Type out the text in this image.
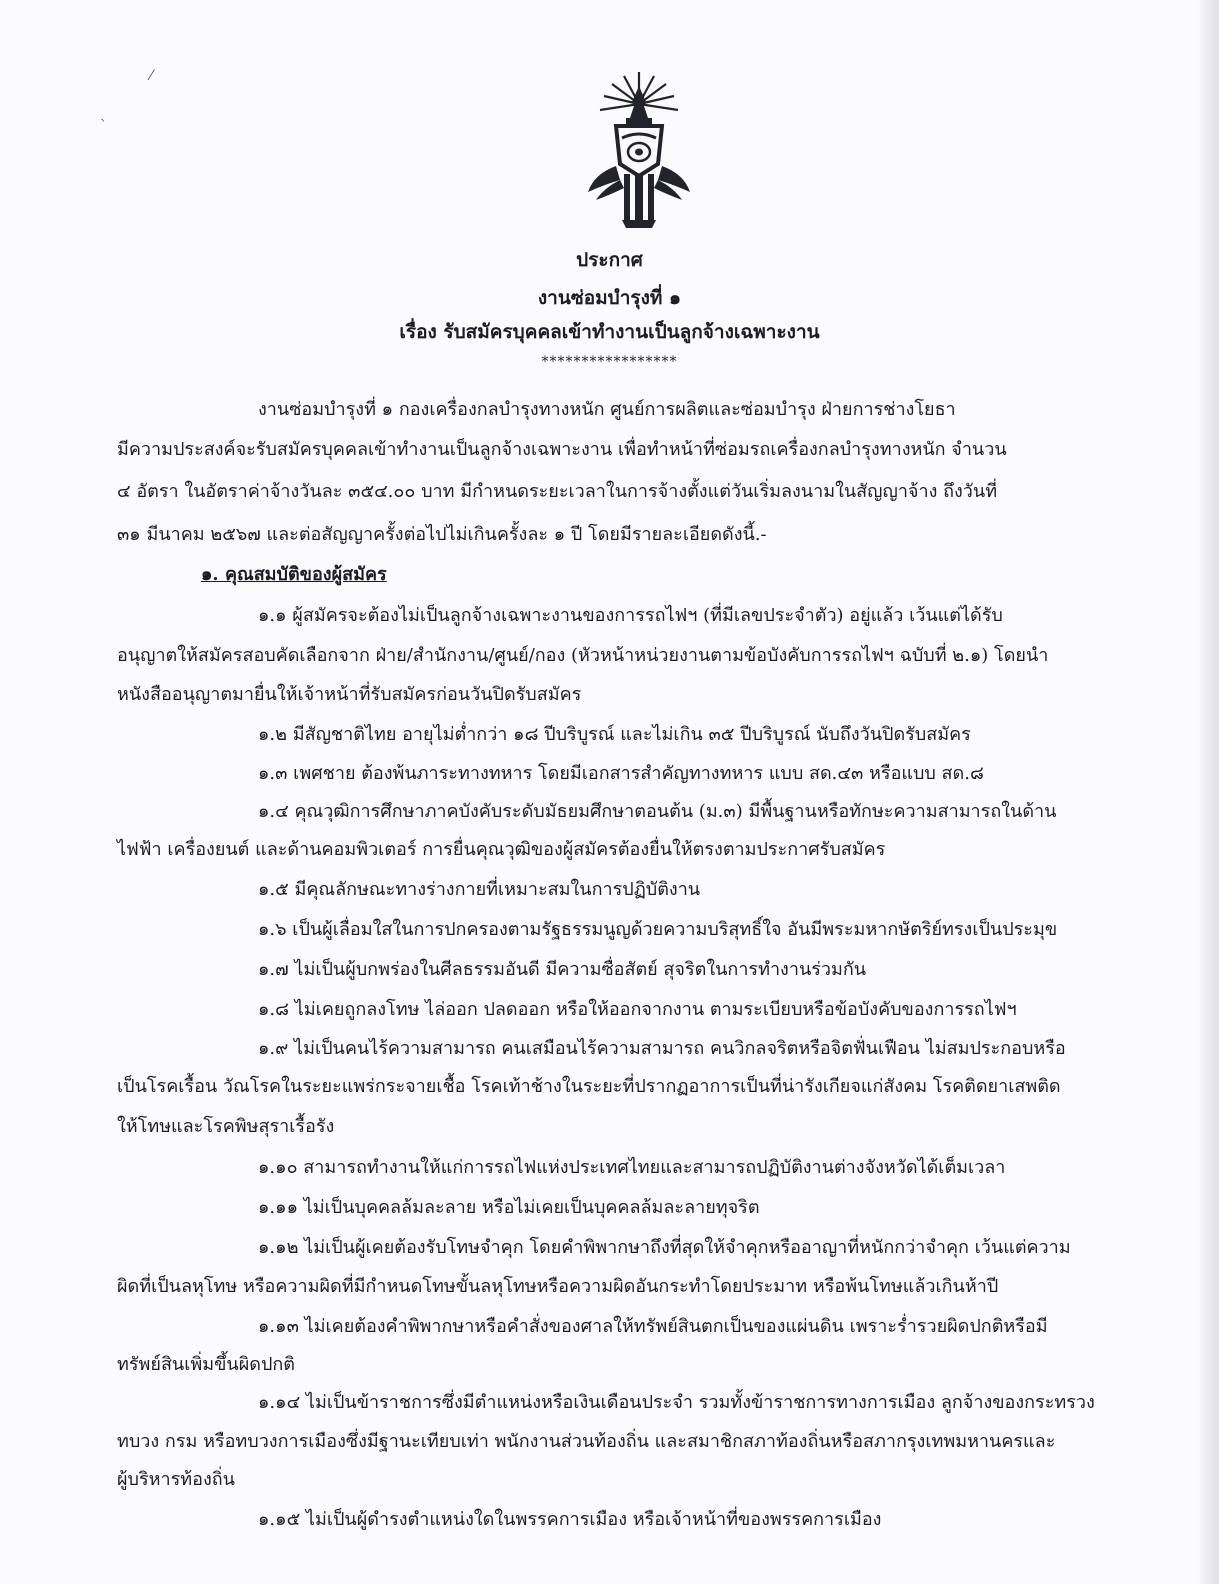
⁄
`
ประกาศ
งานซ่อมบำรุงที่ ๑
เรื่อง รับสมัครบุคคลเข้าทำงานเป็นลูกจ้างเฉพาะงาน
*****************
งานซ่อมบำรุงที่ ๑ กองเครื่องกลบำรุงทางหนัก ศูนย์การผลิตและซ่อมบำรุง ฝ่ายการช่างโยธา
มีความประสงค์จะรับสมัครบุคคลเข้าทำงานเป็นลูกจ้างเฉพาะงาน เพื่อทำหน้าที่ซ่อมรถเครื่องกลบำรุงทางหนัก จำนวน
๔ อัตรา ในอัตราค่าจ้างวันละ ๓๕๔.๐๐ บาท มีกำหนดระยะเวลาในการจ้างตั้งแต่วันเริ่มลงนามในสัญญาจ้าง ถึงวันที่
๓๑ มีนาคม ๒๕๖๗ และต่อสัญญาครั้งต่อไปไม่เกินครั้งละ ๑ ปี โดยมีรายละเอียดดังนี้.-
๑. คุณสมบัติของผู้สมัคร
๑.๑ ผู้สมัครจะต้องไม่เป็นลูกจ้างเฉพาะงานของการรถไฟฯ (ที่มีเลขประจำตัว) อยู่แล้ว เว้นแต่ได้รับ
อนุญาตให้สมัครสอบคัดเลือกจาก ฝ่าย/สำนักงาน/ศูนย์/กอง (หัวหน้าหน่วยงานตามข้อบังคับการรถไฟฯ ฉบับที่ ๒.๑) โดยนำ
หนังสืออนุญาตมายื่นให้เจ้าหน้าที่รับสมัครก่อนวันปิดรับสมัคร
๑.๒ มีสัญชาติไทย อายุไม่ต่ำกว่า ๑๘ ปีบริบูรณ์ และไม่เกิน ๓๕ ปีบริบูรณ์ นับถึงวันปิดรับสมัคร
๑.๓ เพศชาย ต้องพ้นภาระทางทหาร โดยมีเอกสารสำคัญทางทหาร แบบ สด.๔๓ หรือแบบ สด.๘
๑.๔ คุณวุฒิการศึกษาภาคบังคับระดับมัธยมศึกษาตอนต้น (ม.๓) มีพื้นฐานหรือทักษะความสามารถในด้าน
ไฟฟ้า เครื่องยนต์ และด้านคอมพิวเตอร์ การยื่นคุณวุฒิของผู้สมัครต้องยื่นให้ตรงตามประกาศรับสมัคร
๑.๕ มีคุณลักษณะทางร่างกายที่เหมาะสมในการปฏิบัติงาน
๑.๖ เป็นผู้เลื่อมใสในการปกครองตามรัฐธรรมนูญด้วยความบริสุทธิ์ใจ อันมีพระมหากษัตริย์ทรงเป็นประมุข
๑.๗ ไม่เป็นผู้บกพร่องในศีลธรรมอันดี มีความซื่อสัตย์ สุจริตในการทำงานร่วมกัน
๑.๘ ไม่เคยถูกลงโทษ ไล่ออก ปลดออก หรือให้ออกจากงาน ตามระเบียบหรือข้อบังคับของการรถไฟฯ
๑.๙ ไม่เป็นคนไร้ความสามารถ คนเสมือนไร้ความสามารถ คนวิกลจริตหรือจิตฟั่นเฟือน ไม่สมประกอบหรือ
เป็นโรคเรื้อน วัณโรคในระยะแพร่กระจายเชื้อ โรคเท้าช้างในระยะที่ปรากฏอาการเป็นที่น่ารังเกียจแก่สังคม โรคติดยาเสพติด
ให้โทษและโรคพิษสุราเรื้อรัง
๑.๑๐ สามารถทำงานให้แก่การรถไฟแห่งประเทศไทยและสามารถปฏิบัติงานต่างจังหวัดได้เต็มเวลา
๑.๑๑ ไม่เป็นบุคคลล้มละลาย หรือไม่เคยเป็นบุคคลล้มละลายทุจริต
๑.๑๒ ไม่เป็นผู้เคยต้องรับโทษจำคุก โดยคำพิพากษาถึงที่สุดให้จำคุกหรืออาญาที่หนักกว่าจำคุก เว้นแต่ความ
ผิดที่เป็นลหุโทษ หรือความผิดที่มีกำหนดโทษขั้นลหุโทษหรือความผิดอันกระทำโดยประมาท หรือพ้นโทษแล้วเกินห้าปี
๑.๑๓ ไม่เคยต้องคำพิพากษาหรือคำสั่งของศาลให้ทรัพย์สินตกเป็นของแผ่นดิน เพราะร่ำรวยผิดปกติหรือมี
ทรัพย์สินเพิ่มขึ้นผิดปกติ
๑.๑๔ ไม่เป็นข้าราชการซึ่งมีตำแหน่งหรือเงินเดือนประจำ รวมทั้งข้าราชการทางการเมือง ลูกจ้างของกระทรวง
ทบวง กรม หรือทบวงการเมืองซึ่งมีฐานะเทียบเท่า พนักงานส่วนท้องถิ่น และสมาชิกสภาท้องถิ่นหรือสภากรุงเทพมหานครและ
ผู้บริหารท้องถิ่น
๑.๑๕ ไม่เป็นผู้ดำรงตำแหน่งใดในพรรคการเมือง หรือเจ้าหน้าที่ของพรรคการเมือง
